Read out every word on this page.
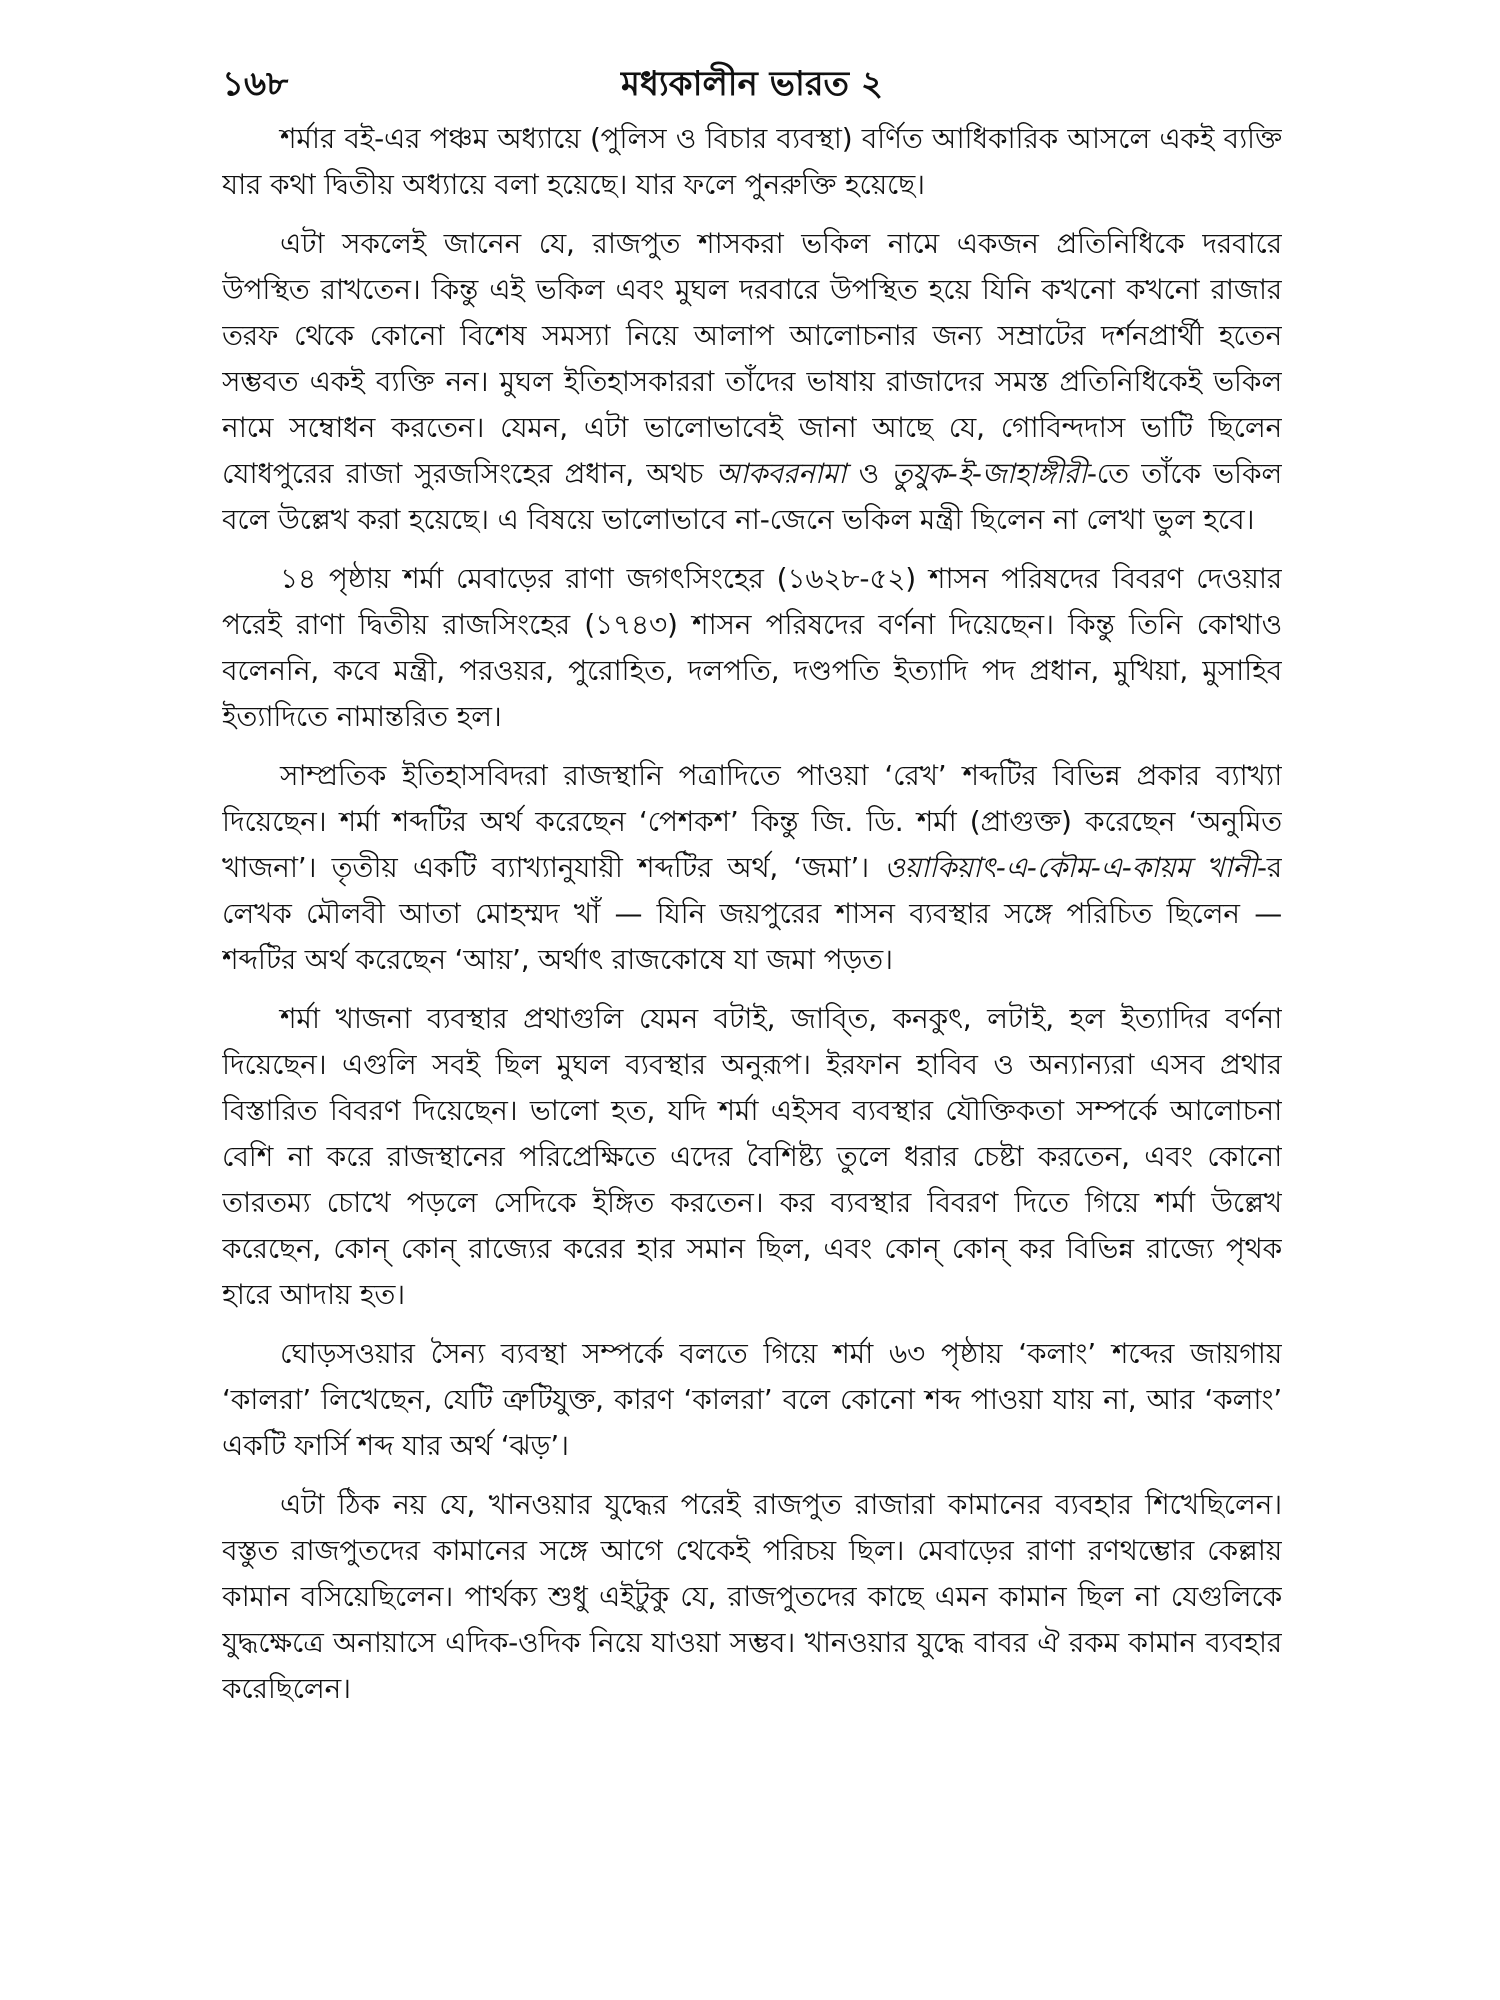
১৬৮	মধ্যকালীন ভারত ২

শর্মার বই-এর পঞ্চম অধ্যায়ে (পুলিস ও বিচার ব্যবস্থা) বর্ণিত আধিকারিক আসলে একই ব্যক্তি যার কথা দ্বিতীয় অধ্যায়ে বলা হয়েছে। যার ফলে পুনরুক্তি হয়েছে।

এটা সকলেই জানেন যে, রাজপুত শাসকরা ভকিল নামে একজন প্রতিনিধিকে দরবারে উপস্থিত রাখতেন। কিন্তু এই ভকিল এবং মুঘল দরবারে উপস্থিত হয়ে যিনি কখনো কখনো রাজার তরফ থেকে কোনো বিশেষ সমস্যা নিয়ে আলাপ আলোচনার জন্য সম্রাটের দর্শনপ্রার্থী হতেন সম্ভবত একই ব্যক্তি নন। মুঘল ইতিহাসকাররা তাঁদের ভাষায় রাজাদের সমস্ত প্রতিনিধিকেই ভকিল নামে সম্বোধন করতেন। যেমন, এটা ভালোভাবেই জানা আছে যে, গোবিন্দদাস ভাটি ছিলেন যোধপুরের রাজা সুরজসিংহের প্রধান, অথচ আকবরনামা ও তুযুক-ই-জাহাঙ্গীরী-তে তাঁকে ভকিল বলে উল্লেখ করা হয়েছে। এ বিষয়ে ভালোভাবে না-জেনে ভকিল মন্ত্রী ছিলেন না লেখা ভুল হবে।

১৪ পৃষ্ঠায় শর্মা মেবাড়ের রাণা জগৎসিংহের (১৬২৮-৫২) শাসন পরিষদের বিবরণ দেওয়ার পরেই রাণা দ্বিতীয় রাজসিংহের (১৭৪৩) শাসন পরিষদের বর্ণনা দিয়েছেন। কিন্তু তিনি কোথাও বলেননি, কবে মন্ত্রী, পরওয়র, পুরোহিত, দলপতি, দণ্ডপতি ইত্যাদি পদ প্রধান, মুখিয়া, মুসাহিব ইত্যাদিতে নামান্তরিত হল।

সাম্প্রতিক ইতিহাসবিদরা রাজস্থানি পত্রাদিতে পাওয়া ‘রেখ’ শব্দটির বিভিন্ন প্রকার ব্যাখ্যা দিয়েছেন। শর্মা শব্দটির অর্থ করেছেন ‘পেশকশ’ কিন্তু জি. ডি. শর্মা (প্রাগুক্ত) করেছেন ‘অনুমিত খাজনা’। তৃতীয় একটি ব্যাখ্যানুযায়ী শব্দটির অর্থ, ‘জমা’। ওয়াকিয়াৎ-এ-কৌম-এ-কায়ম খানী-র লেখক মৌলবী আতা মোহম্মদ খাঁ — যিনি জয়পুরের শাসন ব্যবস্থার সঙ্গে পরিচিত ছিলেন — শব্দটির অর্থ করেছেন ‘আয়’, অর্থাৎ রাজকোষে যা জমা পড়ত।

শর্মা খাজনা ব্যবস্থার প্রথাগুলি যেমন বটাই, জাব্তি, কনকুৎ, লটাই, হল ইত্যাদির বর্ণনা দিয়েছেন। এগুলি সবই ছিল মুঘল ব্যবস্থার অনুরূপ। ইরফান হাবিব ও অন্যান্যরা এসব প্রথার বিস্তারিত বিবরণ দিয়েছেন। ভালো হত, যদি শর্মা এইসব ব্যবস্থার যৌক্তিকতা সম্পর্কে আলোচনা বেশি না করে রাজস্থানের পরিপ্রেক্ষিতে এদের বৈশিষ্ট্য তুলে ধরার চেষ্টা করতেন, এবং কোনো তারতম্য চোখে পড়লে সেদিকে ইঙ্গিত করতেন। কর ব্যবস্থার বিবরণ দিতে গিয়ে শর্মা উল্লেখ করেছেন, কোন্ কোন্ রাজ্যের করের হার সমান ছিল, এবং কোন্ কোন্ কর বিভিন্ন রাজ্যে পৃথক হারে আদায় হত।

ঘোড়সওয়ার সৈন্য ব্যবস্থা সম্পর্কে বলতে গিয়ে শর্মা ৬৩ পৃষ্ঠায় ‘কলাং’ শব্দের জায়গায় ‘কালরা’ লিখেছেন, যেটি ত্রুটিযুক্ত, কারণ ‘কালরা’ বলে কোনো শব্দ পাওয়া যায় না, আর ‘কলাং’ একটি ফার্সি শব্দ যার অর্থ ‘ঝড়’।

এটা ঠিক নয় যে, খানওয়ার যুদ্ধের পরেই রাজপুত রাজারা কামানের ব্যবহার শিখেছিলেন। বস্তুত রাজপুতদের কামানের সঙ্গে আগে থেকেই পরিচয় ছিল। মেবাড়ের রাণা রণথম্ভোর কেল্লায় কামান বসিয়েছিলেন। পার্থক্য শুধু এইটুকু যে, রাজপুতদের কাছে এমন কামান ছিল না যেগুলিকে যুদ্ধক্ষেত্রে অনায়াসে এদিক-ওদিক নিয়ে যাওয়া সম্ভব। খানওয়ার যুদ্ধে বাবর ঐ রকম কামান ব্যবহার করেছিলেন।
